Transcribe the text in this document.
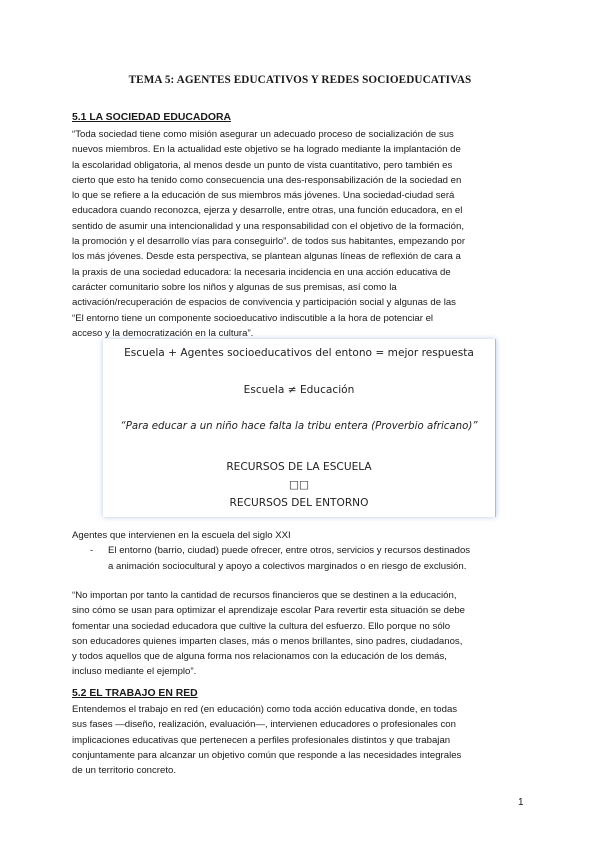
TEMA 5: AGENTES EDUCATIVOS Y REDES SOCIOEDUCATIVAS
5.1 LA SOCIEDAD EDUCADORA

“Toda sociedad tiene como misión asegurar un adecuado proceso de socialización de sus

nuevos miembros. En la actualidad este objetivo se ha logrado mediante la implantación de

la escolaridad obligatoria, al menos desde un punto de vista cuantitativo, pero también es

cierto que esto ha tenido como consecuencia una des-responsabilización de la sociedad en

lo que se refiere a la educación de sus miembros más jóvenes. Una sociedad-ciudad será

educadora cuando reconozca, ejerza y desarrolle, entre otras, una función educadora, en el

sentido de asumir una intencionalidad y una responsabilidad con el objetivo de la formación,

la promoción y el desarrollo vías para conseguirlo”. de todos sus habitantes, empezando por

los más jóvenes. Desde esta perspectiva, se plantean algunas líneas de reflexión de cara a

la praxis de una sociedad educadora: la necesaria incidencia en una acción educativa de

carácter comunitario sobre los niños y algunas de sus premisas, así como la

activación/recuperación de espacios de convivencia y participación social y algunas de las

“El entorno tiene un componente socioeducativo indiscutible a la hora de potenciar el

acceso y la democratización en la cultura”.

Escuela + Agentes socioeducativos del entono = mejor respuesta
Escuela ≠ Educación
“Para educar a un niño hace falta la tribu entera (Proverbio africano)”
RECURSOS DE LA ESCUELA
□□
RECURSOS DEL ENTORNO

Agentes que intervienen en la escuela del siglo XXI

- El entorno (barrio, ciudad) puede ofrecer, entre otros, servicios y recursos destinados

a animación sociocultural y apoyo a colectivos marginados o en riesgo de exclusión.

“No importan por tanto la cantidad de recursos financieros que se destinen a la educación,

sino cómo se usan para optimizar el aprendizaje escolar Para revertir esta situación se debe

fomentar una sociedad educadora que cultive la cultura del esfuerzo. Ello porque no sólo

son educadores quienes imparten clases, más o menos brillantes, sino padres, ciudadanos,

y todos aquellos que de alguna forma nos relacionamos con la educación de los demás,

incluso mediante el ejemplo”.

5.2 EL TRABAJO EN RED

Entendemos el trabajo en red (en educación) como toda acción educativa donde, en todas

sus fases —diseño, realización, evaluación—, intervienen educadores o profesionales con

implicaciones educativas que pertenecen a perfiles profesionales distintos y que trabajan

conjuntamente para alcanzar un objetivo común que responde a las necesidades integrales

de un territorio concreto.

1
